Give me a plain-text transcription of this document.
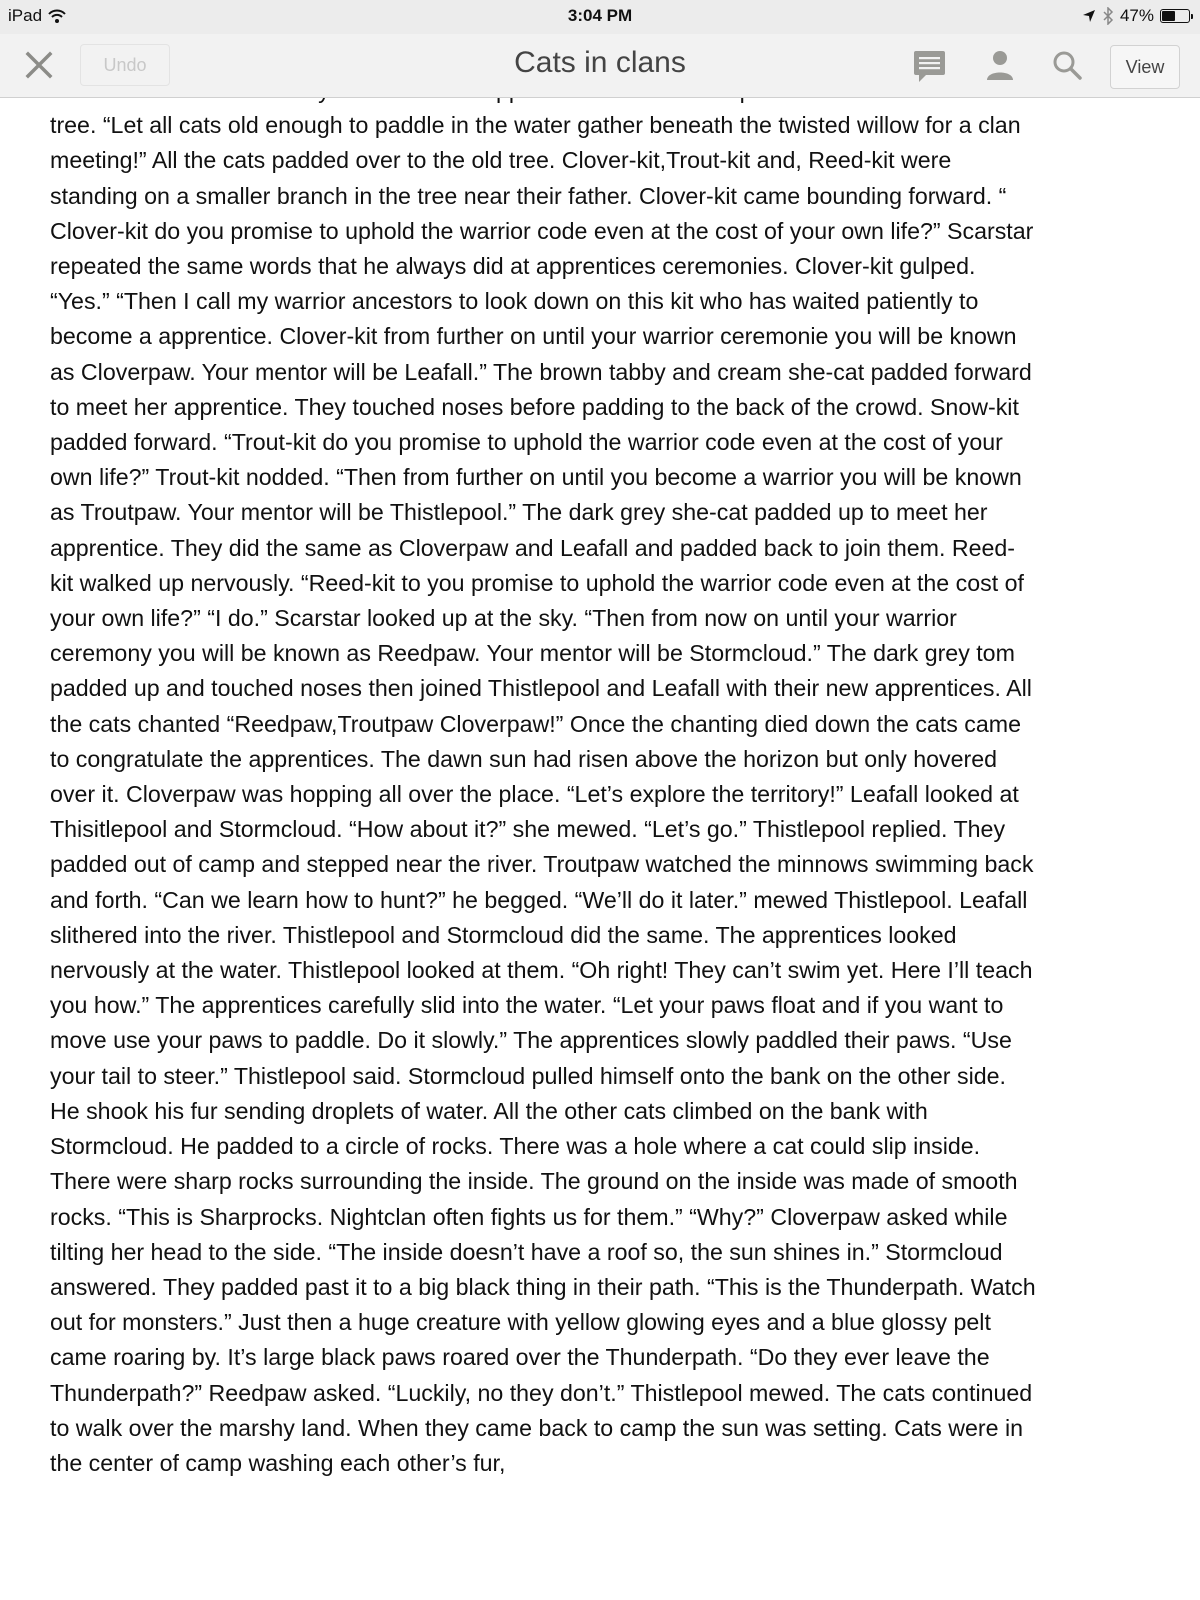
iPad	3:04 PM	47%
Undo	Cats in clans	View
tree. “Let all cats old enough to paddle in the water gather beneath the twisted willow for a clan
meeting!” All the cats padded over to the old tree. Clover-kit,Trout-kit and, Reed-kit were
standing on a smaller branch in the tree near their father. Clover-kit came bounding forward. “
Clover-kit do you promise to uphold the warrior code even at the cost of your own life?” Scarstar
repeated the same words that he always did at apprentices ceremonies. Clover-kit gulped.
“Yes.” “Then I call my warrior ancestors to look down on this kit who has waited patiently to
become a apprentice. Clover-kit from further on until your warrior ceremonie you will be known
as Cloverpaw. Your mentor will be Leafall.” The brown tabby and cream she-cat padded forward
to meet her apprentice. They touched noses before padding to the back of the crowd. Snow-kit
padded forward. “Trout-kit do you promise to uphold the warrior code even at the cost of your
own life?” Trout-kit nodded. “Then from further on until you become a warrior you will be known
as Troutpaw. Your mentor will be Thistlepool.” The dark grey she-cat padded up to meet her
apprentice. They did the same as Cloverpaw and Leafall and padded back to join them. Reed-
kit walked up nervously. “Reed-kit to you promise to uphold the warrior code even at the cost of
your own life?” “I do.” Scarstar looked up at the sky. “Then from now on until your warrior
ceremony you will be known as Reedpaw. Your mentor will be Stormcloud.” The dark grey tom
padded up and touched noses then joined Thistlepool and Leafall with their new apprentices. All
the cats chanted “Reedpaw,Troutpaw Cloverpaw!” Once the chanting died down the cats came
to congratulate the apprentices. The dawn sun had risen above the horizon but only hovered
over it. Cloverpaw was hopping all over the place. “Let’s explore the territory!” Leafall looked at
Thisitlepool and Stormcloud. “How about it?” she mewed. “Let’s go.” Thistlepool replied. They
padded out of camp and stepped near the river. Troutpaw watched the minnows swimming back
and forth. “Can we learn how to hunt?” he begged. “We’ll do it later.” mewed Thistlepool. Leafall
slithered into the river. Thistlepool and Stormcloud did the same. The apprentices looked
nervously at the water. Thistlepool looked at them. “Oh right! They can’t swim yet. Here I’ll teach
you how.” The apprentices carefully slid into the water. “Let your paws float and if you want to
move use your paws to paddle. Do it slowly.” The apprentices slowly paddled their paws. “Use
your tail to steer.” Thistlepool said. Stormcloud pulled himself onto the bank on the other side.
He shook his fur sending droplets of water. All the other cats climbed on the bank with
Stormcloud. He padded to a circle of rocks. There was a hole where a cat could slip inside.
There were sharp rocks surrounding the inside. The ground on the inside was made of smooth
rocks. “This is Sharprocks. Nightclan often fights us for them.” “Why?” Cloverpaw asked while
tilting her head to the side. “The inside doesn’t have a roof so, the sun shines in.” Stormcloud
answered. They padded past it to a big black thing in their path. “This is the Thunderpath. Watch
out for monsters.” Just then a huge creature with yellow glowing eyes and a blue glossy pelt
came roaring by. It’s large black paws roared over the Thunderpath. “Do they ever leave the
Thunderpath?” Reedpaw asked. “Luckily, no they don’t.” Thistlepool mewed. The cats continued
to walk over the marshy land. When they came back to camp the sun was setting. Cats were in
the center of camp washing each other’s fur,
